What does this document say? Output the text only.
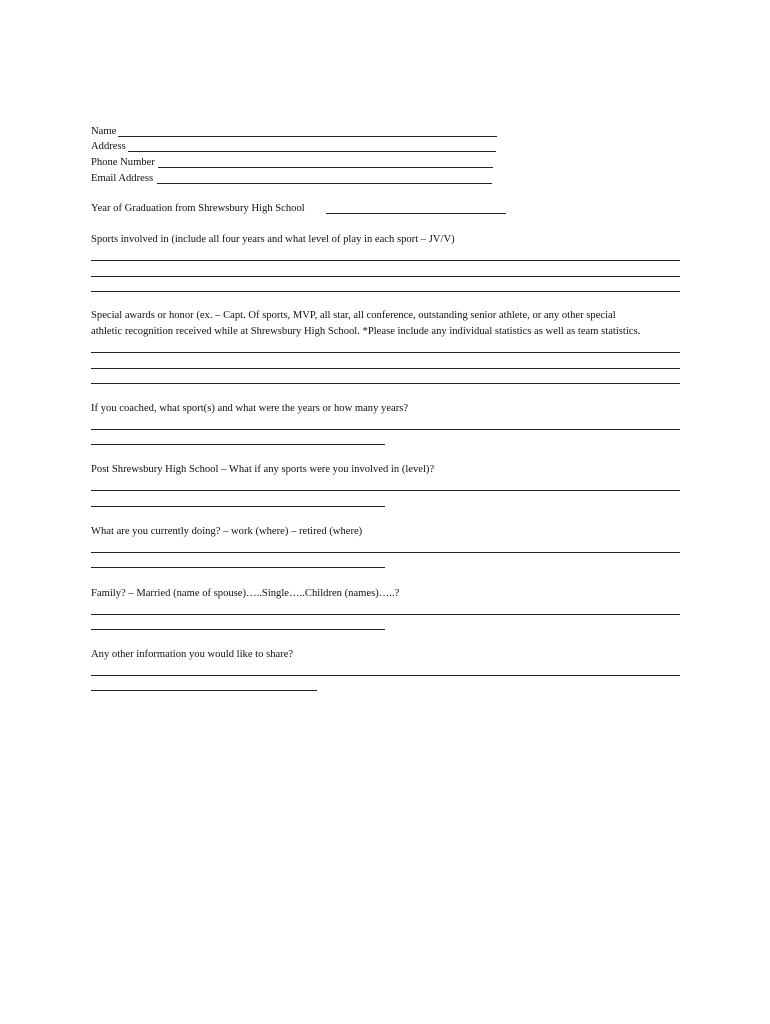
Name
Address
Phone Number
Email Address
Year of Graduation from Shrewsbury High School
Sports involved in (include all four years and what level of play in each sport – JV/V)
Special awards or honor (ex. – Capt. Of sports, MVP, all star, all conference, outstanding senior athlete, or any other special
athletic recognition received while at Shrewsbury High School. *Please include any individual statistics as well as team statistics.
If you coached, what sport(s) and what were the years or how many years?
Post Shrewsbury High School – What if any sports were you involved in (level)?
What are you currently doing? – work (where) – retired (where)
Family? – Married (name of spouse)…..Single…..Children (names)…..?
Any other information you would like to share?
